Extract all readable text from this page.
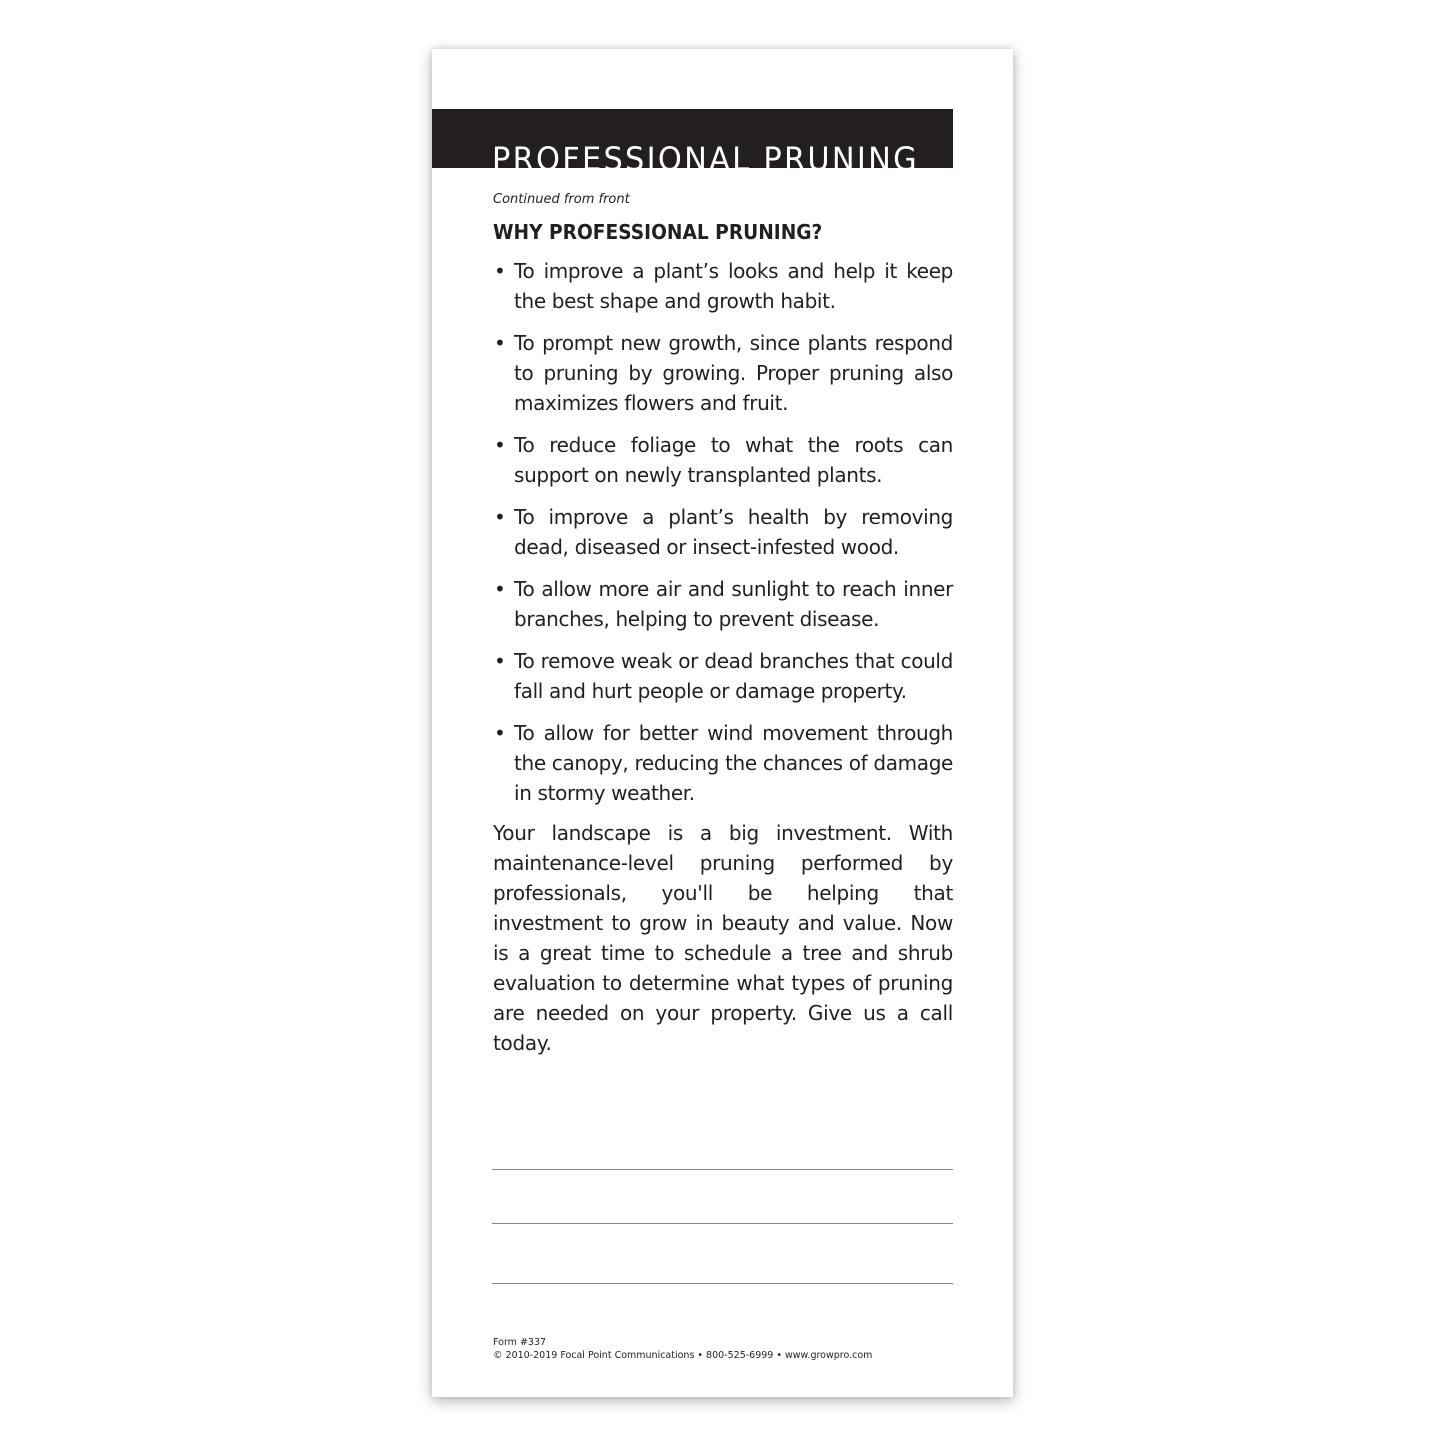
PROFESSIONAL PRUNING

Continued from front

WHY PROFESSIONAL PRUNING?
• To improve a plant’s looks and help it keep the best shape and growth habit.
• To prompt new growth, since plants respond to pruning by growing. Proper pruning also maximizes flowers and fruit.
• To reduce foliage to what the roots can support on newly transplanted plants.
• To improve a plant’s health by removing dead, diseased or insect-infested wood.
• To allow more air and sunlight to reach inner branches, helping to prevent disease.
• To remove weak or dead branches that could fall and hurt people or damage property.
• To allow for better wind movement through the canopy, reducing the chances of damage in stormy weather.

Your landscape is a big investment. With maintenance-level pruning performed by professionals, you'll be helping that investment to grow in beauty and value. Now is a great time to schedule a tree and shrub evaluation to determine what types of pruning are needed on your property. Give us a call today.

Form #337
© 2010-2019 Focal Point Communications • 800-525-6999 • www.growpro.com
